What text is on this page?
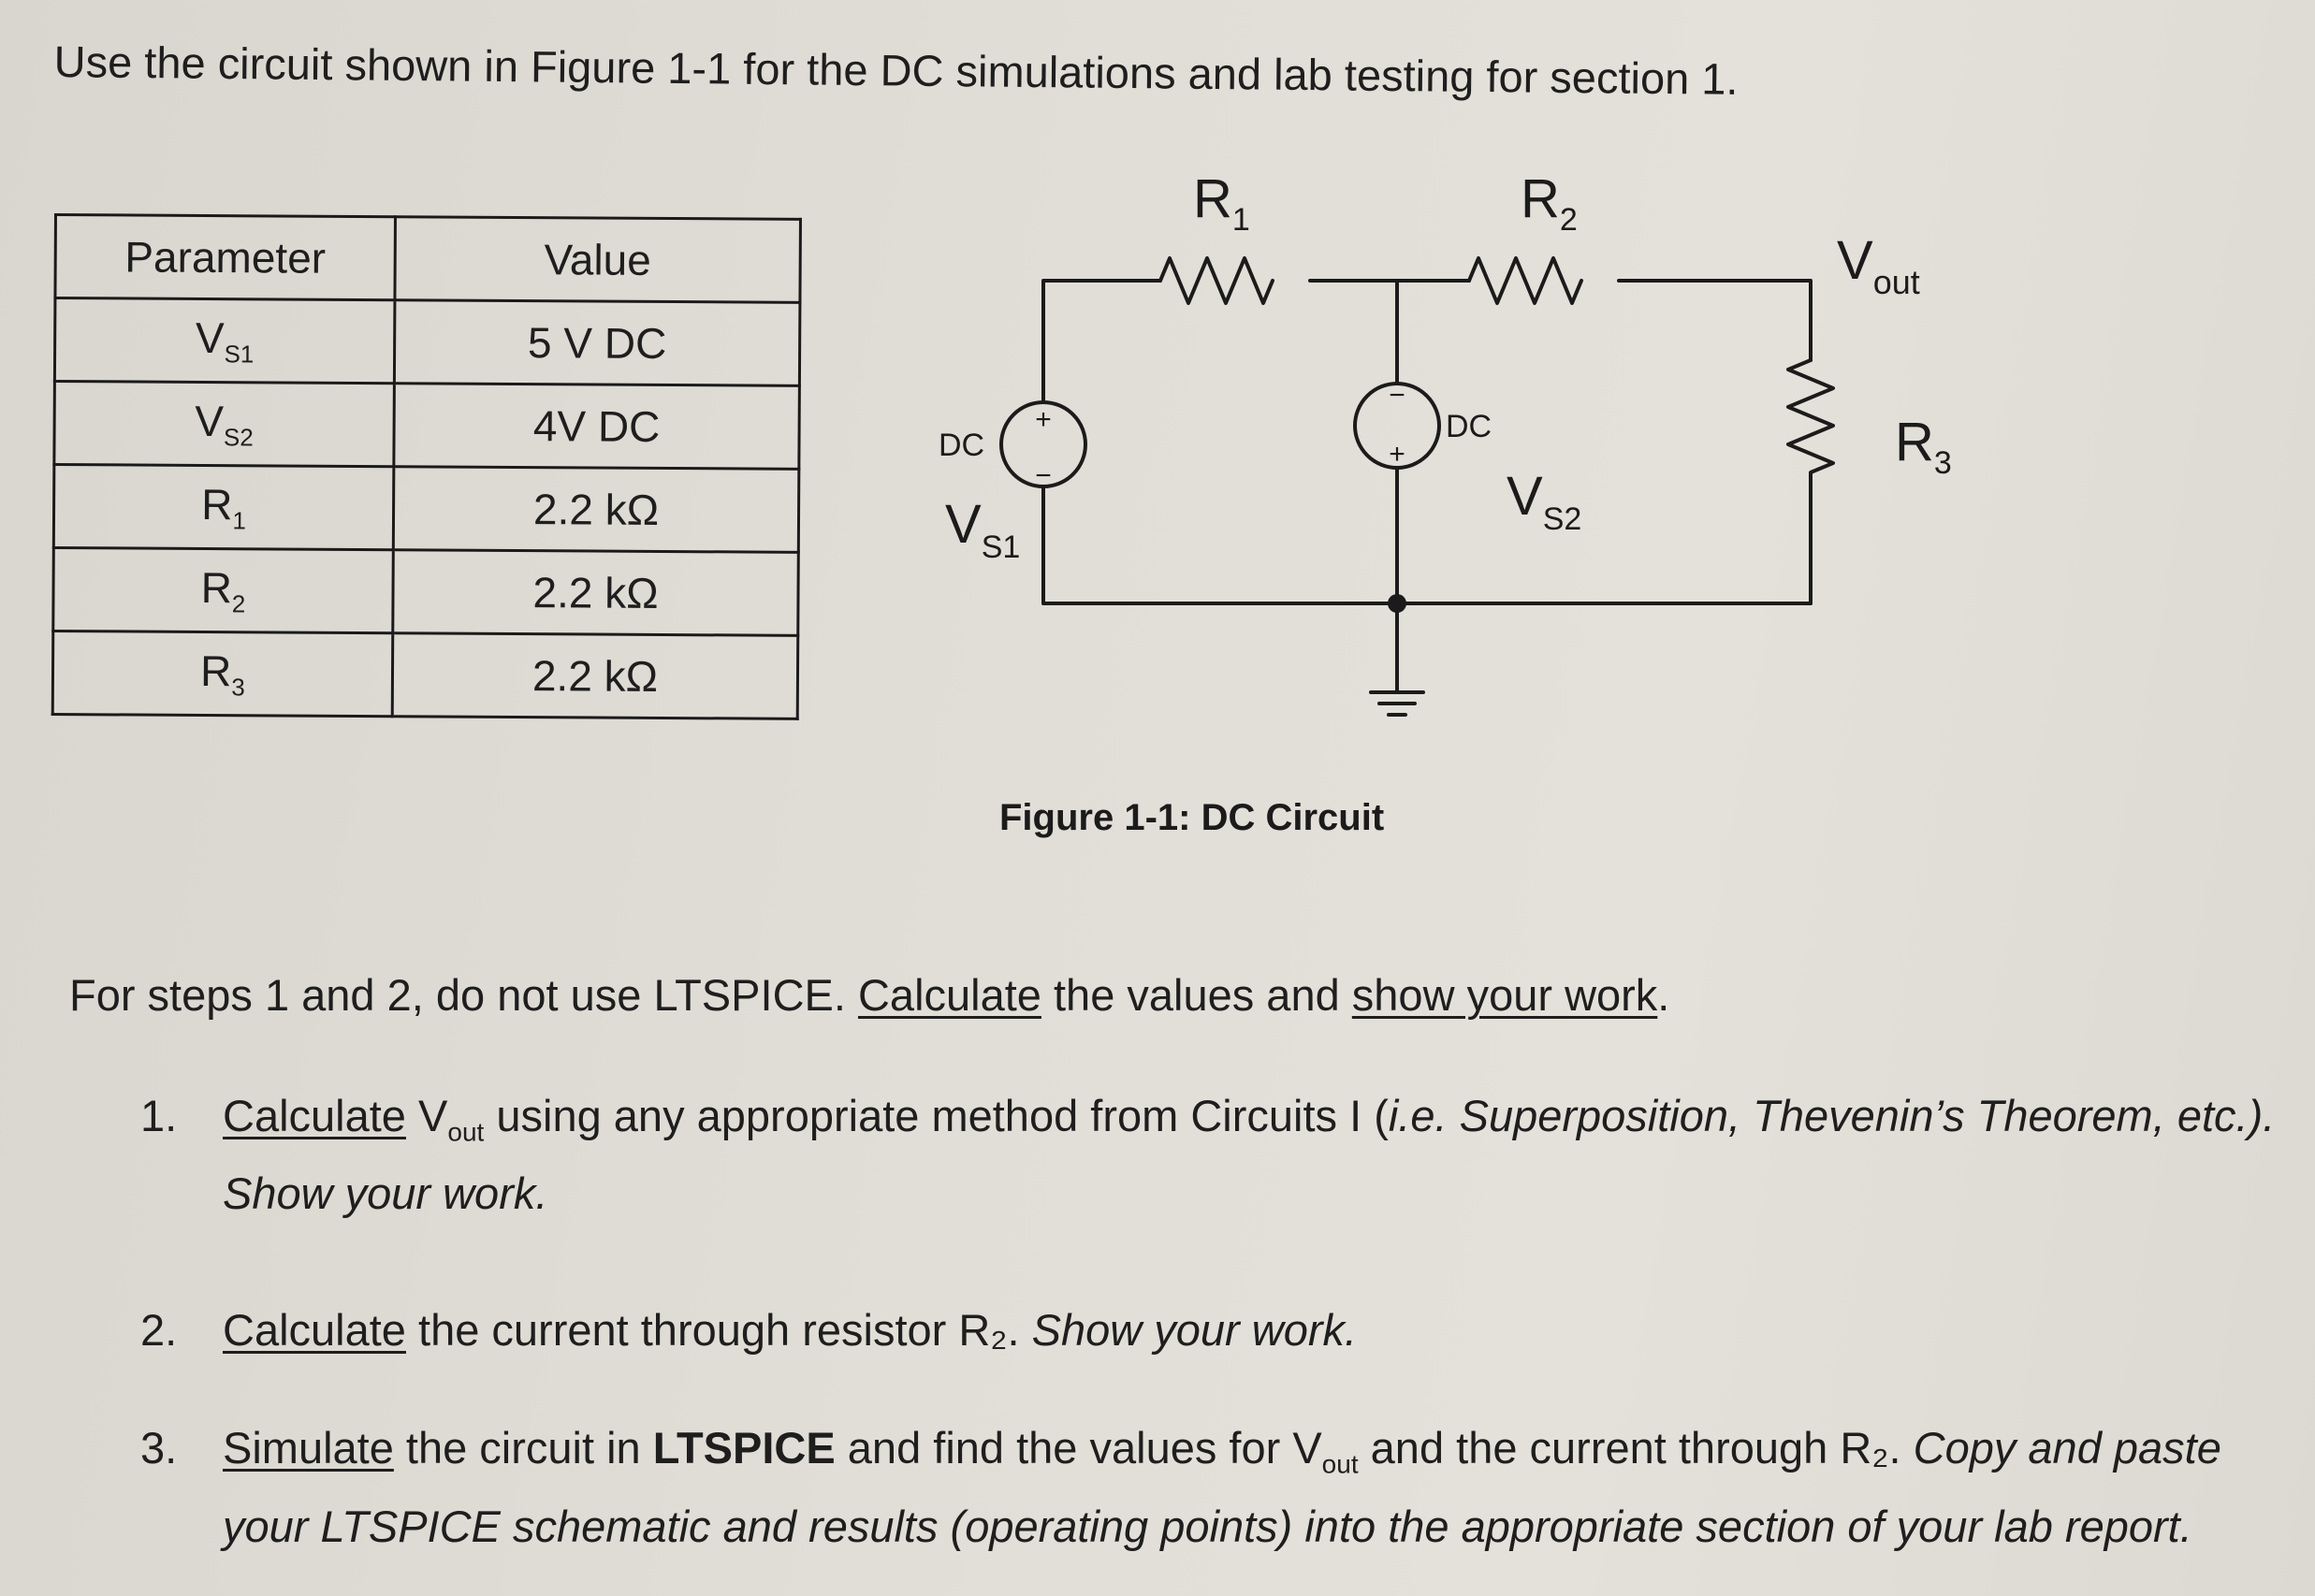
Use the circuit shown in Figure 1-1 for the DC simulations and lab testing for section 1.
Parameter	Value
$V_{S1}$	5 V DC
$V_{S2}$	4V DC
$R_1$	2.2 kΩ
$R_2$	2.2 kΩ
$R_3$	2.2 kΩ
+
−
−
+
$R_1$	$R_2$
$R_3$
$V_{out}$
DC
DC
$V_{S1}$
$V_{S2}$
Figure 1-1: DC Circuit
For steps 1 and 2, do not use LTSPICE. Calculate the values and show your work.
1. Calculate $V_{out}$ using any appropriate method from Circuits I (i.e. Superposition, Thevenin’s Theorem, etc.). Show your work.
2. Calculate the current through resistor R₂. Show your work.
3. Simulate the circuit in LTSPICE and find the values for $V_{out}$ and the current through R₂. Copy and paste your LTSPICE schematic and results (operating points) into the appropriate section of your lab report.
